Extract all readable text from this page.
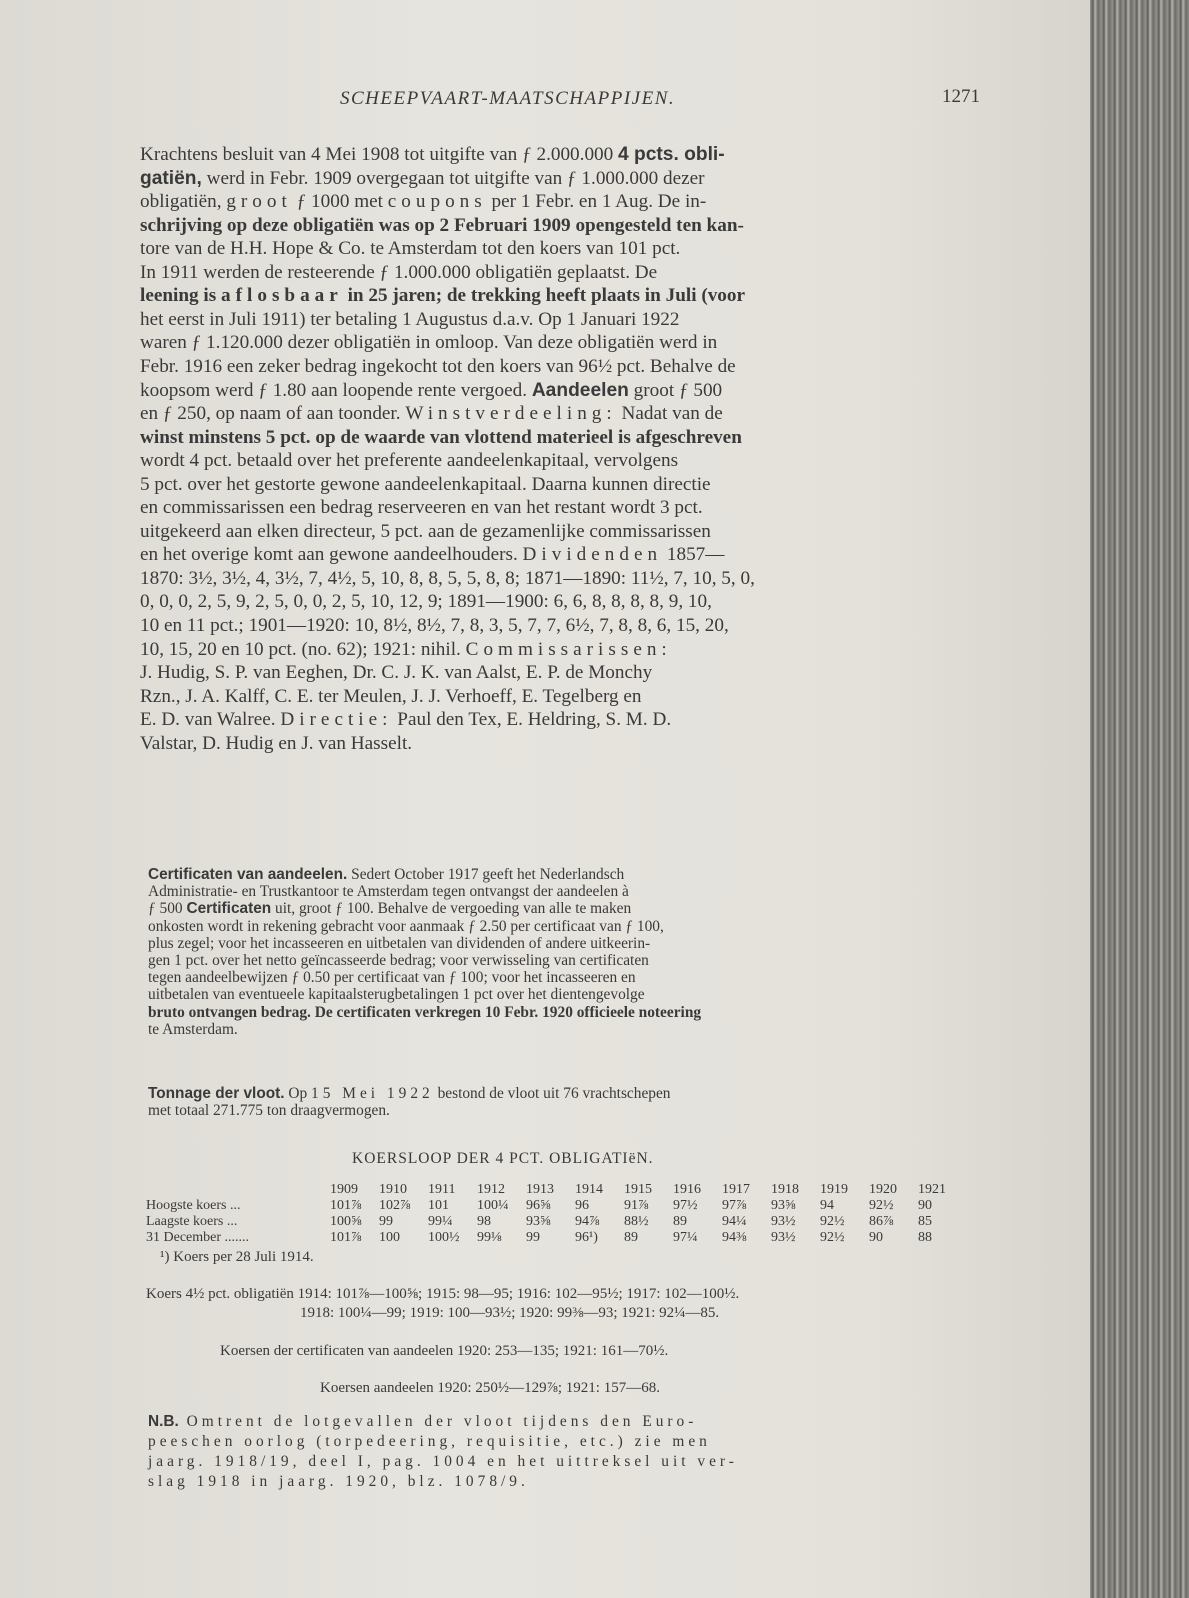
SCHEEPVAART-MAATSCHAPPIJEN.	1271
Krachtens besluit van 4 Mei 1908 tot uitgifte van ƒ 2.000.000 4 pcts. obli-
gatiën, werd in Febr. 1909 overgegaan tot uitgifte van ƒ 1.000.000 dezer
obligatiën, groot ƒ 1000 met coupons per 1 Febr. en 1 Aug. De in-
schrijving op deze obligatiën was op 2 Februari 1909 opengesteld ten kan-
tore van de H.H. Hope & Co. te Amsterdam tot den koers van 101 pct.
In 1911 werden de resteerende ƒ 1.000.000 obligatiën geplaatst. De
leening is aflosbaar in 25 jaren; de trekking heeft plaats in Juli (voor
het eerst in Juli 1911) ter betaling 1 Augustus d.a.v. Op 1 Januari 1922
waren ƒ 1.120.000 dezer obligatiën in omloop. Van deze obligatiën werd in
Febr. 1916 een zeker bedrag ingekocht tot den koers van 96½ pct. Behalve de
koopsom werd ƒ 1.80 aan loopende rente vergoed. Aandeelen groot ƒ 500
en ƒ 250, op naam of aan toonder. Winstverdeeling: Nadat van de
winst minstens 5 pct. op de waarde van vlottend materieel is afgeschreven
wordt 4 pct. betaald over het preferente aandeelenkapitaal, vervolgens
5 pct. over het gestorte gewone aandeelenkapitaal. Daarna kunnen directie
en commissarissen een bedrag reserveeren en van het restant wordt 3 pct.
uitgekeerd aan elken directeur, 5 pct. aan de gezamenlijke commissarissen
en het overige komt aan gewone aandeelhouders. Dividenden 1857—
1870: 3½, 3½, 4, 3½, 7, 4½, 5, 10, 8, 8, 5, 5, 8, 8; 1871—1890: 11½, 7, 10, 5, 0,
0, 0, 0, 2, 5, 9, 2, 5, 0, 0, 2, 5, 10, 12, 9; 1891—1900: 6, 6, 8, 8, 8, 8, 9, 10,
10 en 11 pct.; 1901—1920: 10, 8½, 8½, 7, 8, 3, 5, 7, 7, 6½, 7, 8, 8, 6, 15, 20,
10, 15, 20 en 10 pct. (no. 62); 1921: nihil. Commissarissen:
J. Hudig, S. P. van Eeghen, Dr. C. J. K. van Aalst, E. P. de Monchy
Rzn., J. A. Kalff, C. E. ter Meulen, J. J. Verhoeff, E. Tegelberg en
E. D. van Walree. Directie: Paul den Tex, E. Heldring, S. M. D.
Valstar, D. Hudig en J. van Hasselt.
Certificaten van aandeelen. Sedert October 1917 geeft het Nederlandsch
Administratie- en Trustkantoor te Amsterdam tegen ontvangst der aandeelen à
ƒ 500 Certificaten uit, groot ƒ 100. Behalve de vergoeding van alle te maken
onkosten wordt in rekening gebracht voor aanmaak ƒ 2.50 per certificaat van ƒ 100,
plus zegel; voor het incasseeren en uitbetalen van dividenden of andere uitkeerin-
gen 1 pct. over het netto geïncasseerde bedrag; voor verwisseling van certificaten
tegen aandeelbewijzen ƒ 0.50 per certificaat van ƒ 100; voor het incasseeren en
uitbetalen van eventueele kapitaalsterugbetalingen 1 pct over het dientengevolge
bruto ontvangen bedrag. De certificaten verkregen 10 Febr. 1920 officieele noteering
te Amsterdam.
Tonnage der vloot. Op 15 Mei 1922 bestond de vloot uit 76 vrachtschepen
met totaal 271.775 ton draagvermogen.
KOERSLOOP DER 4 PCT. OBLIGATIëN.
	1909	1910	1911	1912	1913	1914	1915	1916	1917	1918	1919	1920	1921
Hoogste koers ...	101⅞	102⅞	101	100¼	96⅝	96	91⅞	97½	97⅞	93⅝	94	92½	90
Laagste koers ...	100⅝	99	99¼	98	93⅝	94⅞	88½	89	94¼	93½	92½	86⅞	85
31 December .......	101⅞	100	100½	99⅛	99	96¹)	89	97¼	94⅜	93½	92½	90	88
¹) Koers per 28 Juli 1914.
Koers 4½ pct. obligatiën 1914: 101⅞—100⅝; 1915: 98—95; 1916: 102—95½; 1917: 102—100½.
1918: 100¼—99; 1919: 100—93½; 1920: 99⅜—93; 1921: 92¼—85.
Koersen der certificaten van aandeelen 1920: 253—135; 1921: 161—70½.
Koersen aandeelen 1920: 250½—129⅞; 1921: 157—68.
N.B. Omtrent de lotgevallen der vloot tijdens den Euro-
peeschen oorlog (torpedeering, requisitie, etc.) zie men
jaarg. 1918/19, deel I, pag. 1004 en het uittreksel uit ver-
slag 1918 in jaarg. 1920, blz. 1078/9.
